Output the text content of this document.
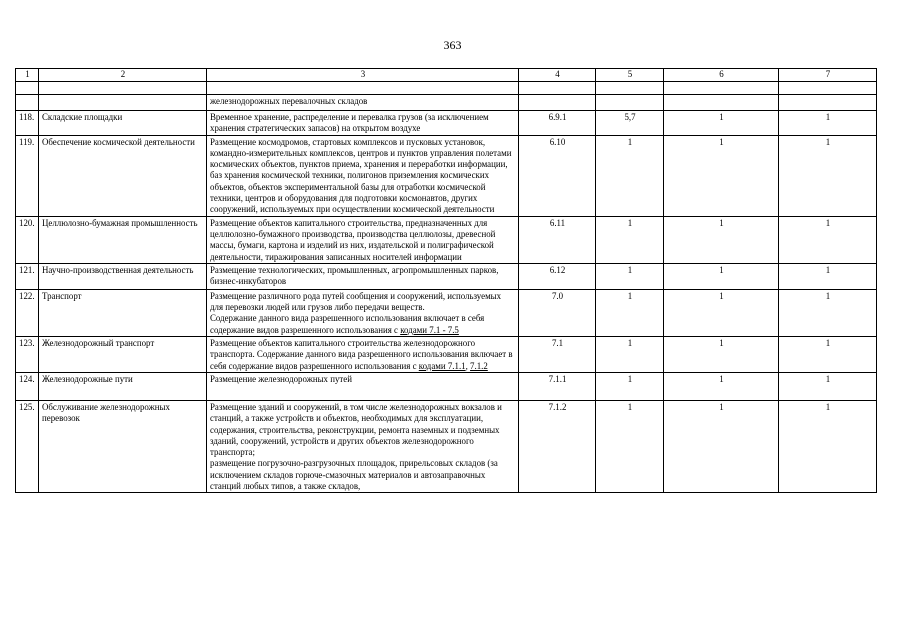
363
1	2	3	4	5	6	7

		железнодорожных перевалочных складов				
118.	Складские площадки	Временное хранение, распределение и перевалка грузов (за исключением хранения стратегических запасов) на открытом воздухе	6.9.1	5,7	1	1
119.	Обеспечение космической деятельности	Размещение космодромов, стартовых комплексов и пусковых установок, командно-измерительных комплексов, центров и пунктов управления полетами космических объектов, пунктов приема, хранения и переработки информации, баз хранения космической техники, полигонов приземления космических объектов, объектов экспериментальной базы для отработки космической техники, центров и оборудования для подготовки космонавтов, других сооружений, используемых при осуществлении космической деятельности	6.10	1	1	1
120.	Целлюлозно-бумажная промышленность	Размещение объектов капитального строительства, предназначенных для целлюлозно-бумажного производства, производства целлюлозы, древесной массы, бумаги, картона и изделий из них, издательской и полиграфической деятельности, тиражирования записанных носителей информации	6.11	1	1	1
121.	Научно-производственная деятельность	Размещение технологических, промышленных, агропромышленных парков, бизнес-инкубаторов	6.12	1	1	1
122.	Транспорт	Размещение различного рода путей сообщения и сооружений, используемых для перевозки людей или грузов либо передачи веществ.
Содержание данного вида разрешенного использования включает в себя содержание видов разрешенного использования с кодами 7.1 - 7.5	7.0	1	1	1
123.	Железнодорожный транспорт	Размещение объектов капитального строительства железнодорожного транспорта. Содержание данного вида разрешенного использования включает в себя содержание видов разрешенного использования с кодами 7.1.1, 7.1.2	7.1	1	1	1
124.	Железнодорожные пути	Размещение железнодорожных путей	7.1.1	1	1	1
125.	Обслуживание железнодорожных перевозок	Размещение зданий и сооружений, в том числе железнодорожных вокзалов и станций, а также устройств и объектов, необходимых для эксплуатации, содержания, строительства, реконструкции, ремонта наземных и подземных зданий, сооружений, устройств и других объектов железнодорожного транспорта;
размещение погрузочно-разгрузочных площадок, прирельсовых складов (за исключением складов горюче-смазочных материалов и автозаправочных станций любых типов, а также складов,	7.1.2	1	1	1
